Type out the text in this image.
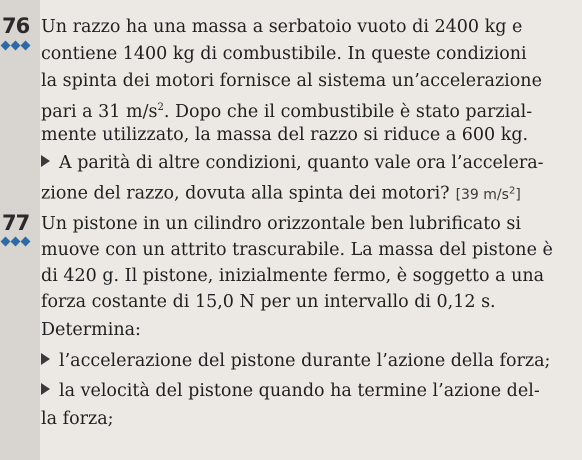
76 Un razzo ha una massa a serbatoio vuoto di 2400 kg e
contiene 1400 kg di combustibile. In queste condizioni
la spinta dei motori fornisce al sistema un’accelerazione
pari a 31 $m/s^2$. Dopo che il combustibile è stato parzial-
mente utilizzato, la massa del razzo si riduce a 600 kg.
A parità di altre condizioni, quanto vale ora l’accelera-
zione del razzo, dovuta alla spinta dei motori? [39 $m/s^2$]
77 Un pistone in un cilindro orizzontale ben lubrificato si
muove con un attrito trascurabile. La massa del pistone è
di 420 g. Il pistone, inizialmente fermo, è soggetto a una
forza costante di 15,0 N per un intervallo di 0,12 s.
Determina:
l’accelerazione del pistone durante l’azione della forza;
la velocità del pistone quando ha termine l’azione del-
la forza;
